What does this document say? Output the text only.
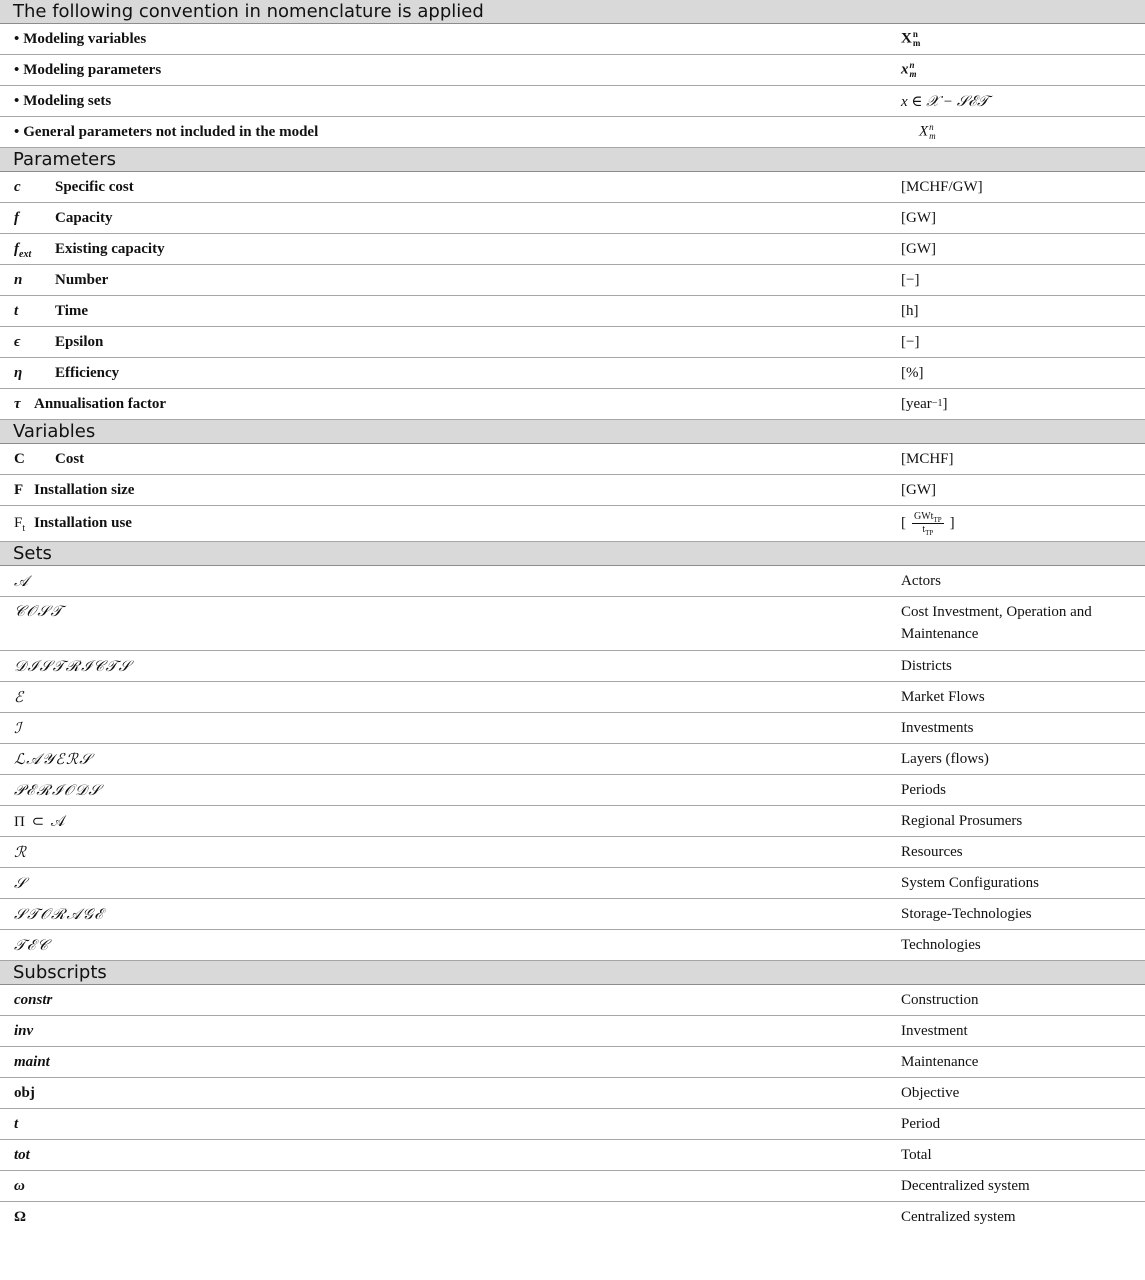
The following convention in nomenclature is applied
• Modeling variables	X n
m
• Modeling parameters	x n
m
• Modeling sets	x ∈ 𝒳 − 𝒮ℰ𝒯
• General parameters not included in the model	X n
m
Parameters
c	Specific cost	[MCHF/GW]
f	Capacity	[GW]
$f_{ext}$	Existing capacity	[GW]
n	Number	[−]
t	Time	[h]
ϵ	Epsilon	[−]
η	Efficiency	[%]
τ Annualisation factor	[year −1 ]
Variables
C	Cost	[MCHF]
F Installation size	[GW]
$F_t$ Installation use	[ $\frac{GWt_{TP}}{t_{TP}}$ ]
Sets
𝒜	Actors
𝒞𝒪𝒮𝒯	Cost Investment, Operation and Maintenance
𝒟ℐ𝒮𝒯ℛℐ𝒞𝒯𝒮	Districts
ℰ	Market Flows
ℐ	Investments
ℒ𝒜𝒴ℰℛ𝒮	Layers (flows)
𝒫ℰℛℐ𝒪𝒟𝒮	Periods
Π ⊂ 𝒜	Regional Prosumers
ℛ	Resources
𝒮	System Configurations
𝒮𝒯𝒪ℛ𝒜𝒢ℰ	Storage-Technologies
𝒯ℰ𝒞	Technologies
Subscripts
constr	Construction
inv	Investment
maint	Maintenance
obj	Objective
t	Period
tot	Total
ω	Decentralized system
Ω	Centralized system
